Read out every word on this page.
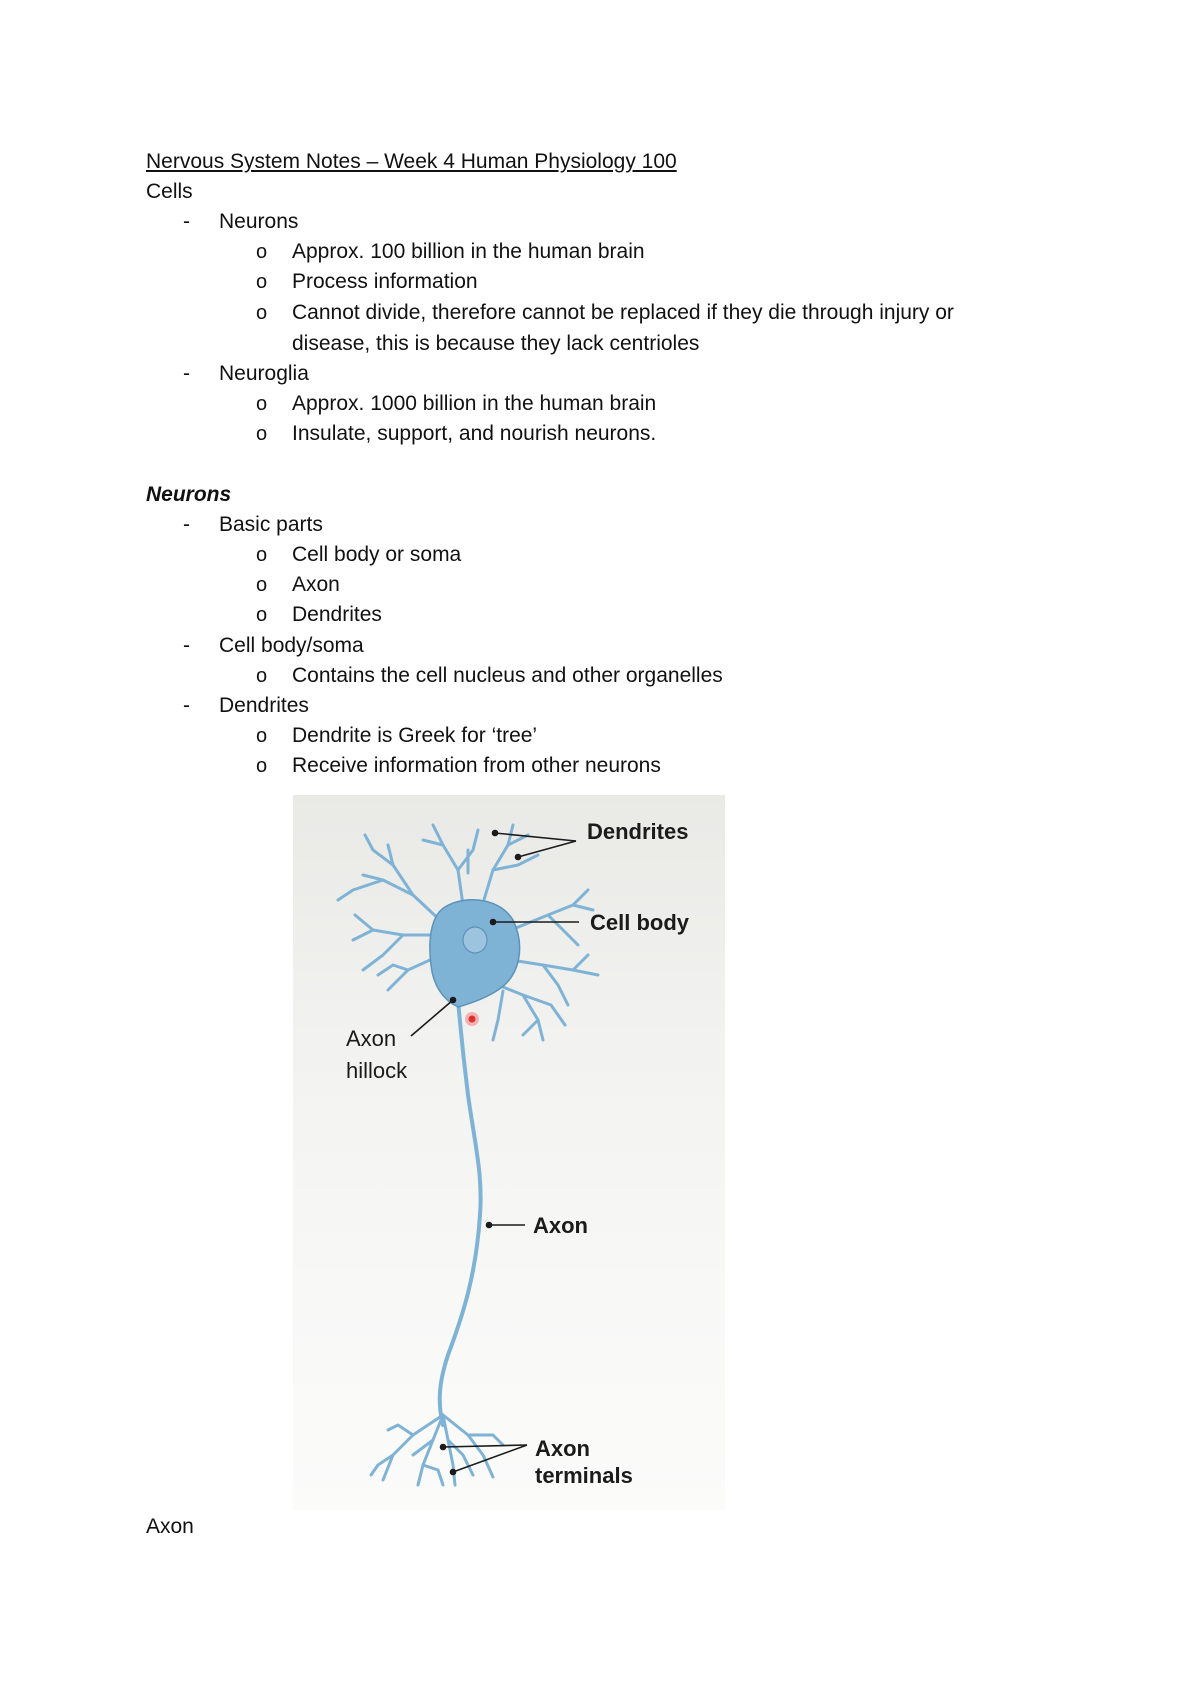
Nervous System Notes – Week 4 Human Physiology 100
Cells
- Neurons
o Approx. 100 billion in the human brain
o Process information
o Cannot divide, therefore cannot be replaced if they die through injury or
disease, this is because they lack centrioles
- Neuroglia
o Approx. 1000 billion in the human brain
o Insulate, support, and nourish neurons.
Neurons
- Basic parts
o Cell body or soma
o Axon
o Dendrites
- Cell body/soma
o Contains the cell nucleus and other organelles
- Dendrites
o Dendrite is Greek for ‘tree’
o Receive information from other neurons
Dendrites
Cell body
Axon
hillock
Axon
Axon
terminals
Axon
